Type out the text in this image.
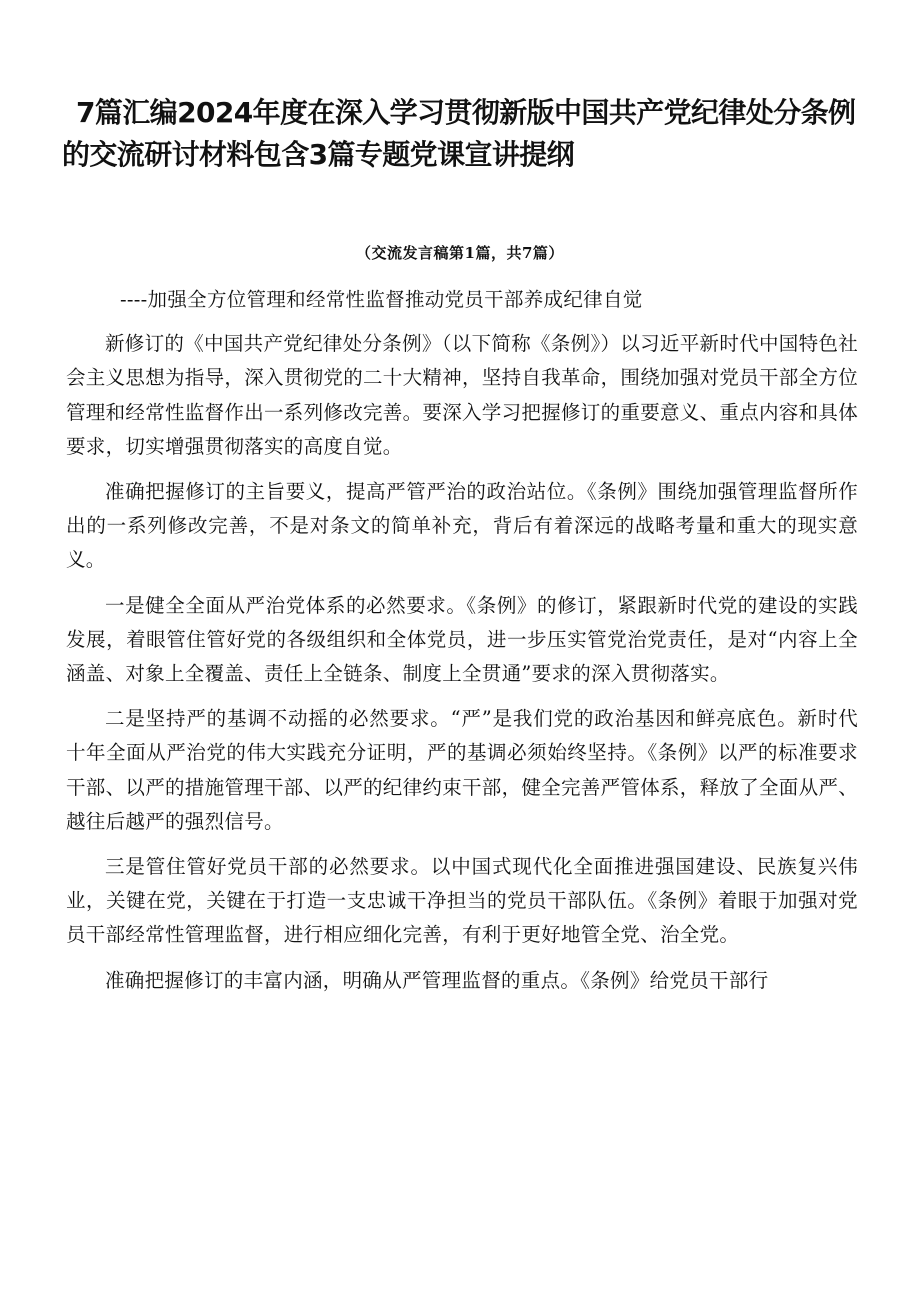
7篇汇编2024年度在深入学习贯彻新版中国共产党纪律处分条例
的交流研讨材料包含3篇专题党课宣讲提纲
（交流发言稿第1篇，共7篇）

----加强全方位管理和经常性监督推动党员干部养成纪律自觉

新修订的《中国共产党纪律处分条例》（以下简称《条例》）以习近平新时代中国特色社会主义思想为指导，深入贯彻党的二十大精神，坚持自我革命，围绕加强对党员干部全方位管理和经常性监督作出一系列修改完善。要深入学习把握修订的重要意义、重点内容和具体要求，切实增强贯彻落实的高度自觉。

准确把握修订的主旨要义，提高严管严治的政治站位。《条例》围绕加强管理监督所作出的一系列修改完善，不是对条文的简单补充，背后有着深远的战略考量和重大的现实意义。

一是健全全面从严治党体系的必然要求。《条例》的修订，紧跟新时代党的建设的实践发展，着眼管住管好党的各级组织和全体党员，进一步压实管党治党责任，是对“内容上全涵盖、对象上全覆盖、责任上全链条、制度上全贯通”要求的深入贯彻落实。

二是坚持严的基调不动摇的必然要求。“严”是我们党的政治基因和鲜亮底色。新时代十年全面从严治党的伟大实践充分证明，严的基调必须始终坚持。《条例》以严的标准要求干部、以严的措施管理干部、以严的纪律约束干部，健全完善严管体系，释放了全面从严、越往后越严的强烈信号。

三是管住管好党员干部的必然要求。以中国式现代化全面推进强国建设、民族复兴伟业，关键在党，关键在于打造一支忠诚干净担当的党员干部队伍。《条例》着眼于加强对党员干部经常性管理监督，进行相应细化完善，有利于更好地管全党、治全党。

准确把握修订的丰富内涵，明确从严管理监督的重点。《条例》给党员干部行
